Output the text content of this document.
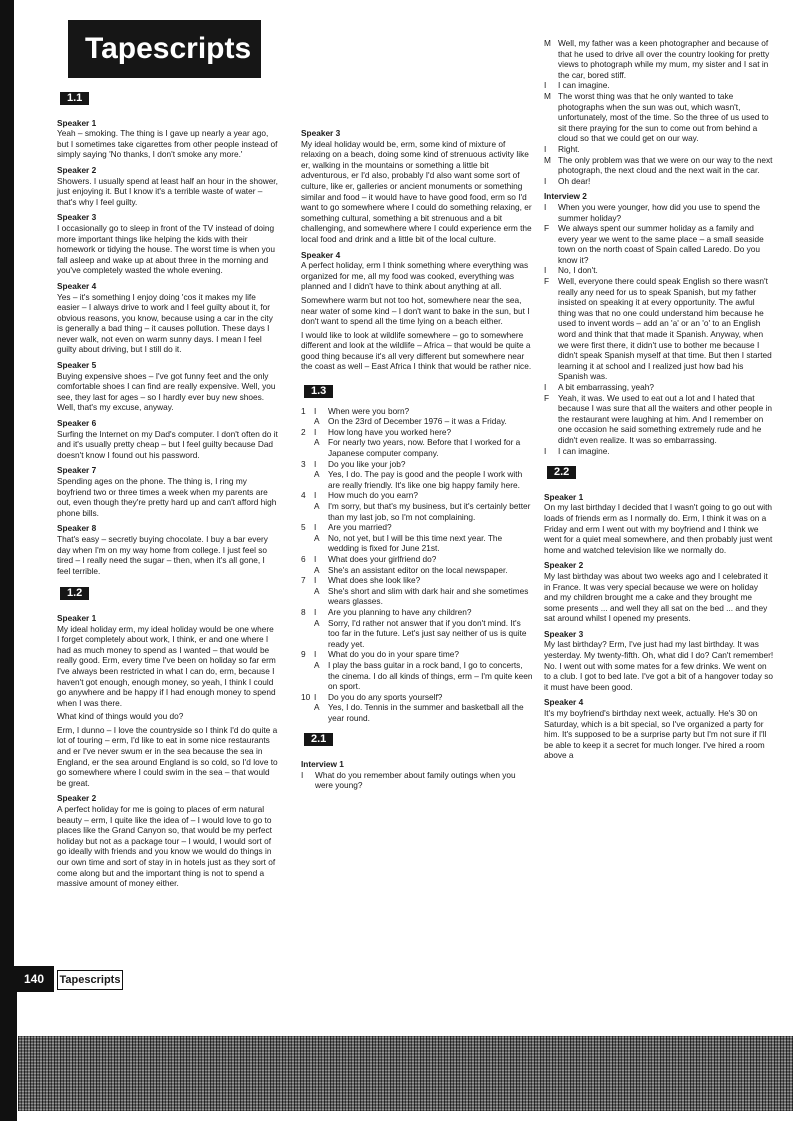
Tapescripts
1.1
Speaker 1

Yeah – smoking. The thing is I gave up nearly a year ago, but I sometimes take cigarettes from other people instead of simply saying 'No thanks, I don't smoke any more.'

Speaker 2

Showers. I usually spend at least half an hour in the shower, just enjoying it. But I know it's a terrible waste of water – that's why I feel guilty.

Speaker 3

I occasionally go to sleep in front of the TV instead of doing more important things like helping the kids with their homework or tidying the house. The worst time is when you fall asleep and wake up at about three in the morning and you've completely wasted the whole evening.

Speaker 4

Yes – it's something I enjoy doing 'cos it makes my life easier – I always drive to work and I feel guilty about it, for obvious reasons, you know, because using a car in the city is generally a bad thing – it causes pollution. These days I never walk, not even on warm sunny days. I mean I feel guilty about driving, but I still do it.

Speaker 5

Buying expensive shoes – I've got funny feet and the only comfortable shoes I can find are really expensive. Well, you see, they last for ages – so I hardly ever buy new shoes. Well, that's my excuse, anyway.

Speaker 6

Surfing the Internet on my Dad's computer. I don't often do it and it's usually pretty cheap – but I feel guilty because Dad doesn't know I found out his password.

Speaker 7

Spending ages on the phone. The thing is, I ring my boyfriend two or three times a week when my parents are out, even though they're pretty hard up and can't afford high phone bills.

Speaker 8

That's easy – secretly buying chocolate. I buy a bar every day when I'm on my way home from college. I just feel so tired – I really need the sugar – then, when it's all gone, I feel terrible.

1.2
Speaker 1

My ideal holiday erm, my ideal holiday would be one where I forget completely about work, I think, er and one where I had as much money to spend as I wanted – that would be really good. Erm, every time I've been on holiday so far erm I've always been restricted in what I can do, erm, because I haven't got enough, enough money, so yeah, I think I could go anywhere and be happy if I had enough money to spend when I was there.

What kind of things would you do?

Erm, I dunno – I love the countryside so I think I'd do quite a lot of touring – erm, I'd like to eat in some nice restaurants and er I've never swum er in the sea because the sea in England, er the sea around England is so cold, so I'd love to go somewhere where I could swim in the sea – that would be great.

Speaker 2

A perfect holiday for me is going to places of erm natural beauty – erm, I quite like the idea of – I would love to go to places like the Grand Canyon so, that would be my perfect holiday but not as a package tour – I would, I would sort of go ideally with friends and you know we would do things in our own time and sort of stay in in hotels just as they sort of come along but and the important thing is not to spend a massive amount of money either.

Speaker 3

My ideal holiday would be, erm, some kind of mixture of relaxing on a beach, doing some kind of strenuous activity like er, walking in the mountains or something a little bit adventurous, er I'd also, probably I'd also want some sort of culture, like er, galleries or ancient monuments or something similar and food – it would have to have good food, erm so I'd want to go somewhere where I could do something relaxing, er something cultural, something a bit strenuous and a bit challenging, and somewhere where I could experience erm the local food and drink and a little bit of the local culture.

Speaker 4

A perfect holiday, erm I think something where everything was organized for me, all my food was cooked, everything was planned and I didn't have to think about anything at all.

Somewhere warm but not too hot, somewhere near the sea, near water of some kind – I don't want to bake in the sun, but I don't want to spend all the time lying on a beach either.

I would like to look at wildlife somewhere – go to somewhere different and look at the wildlife – Africa – that would be quite a good thing because it's all very different but somewhere near the coast as well – East Africa I think that would be rather nice.

1.3
1	I	When were you born?
A	On the 23rd of December 1976 – it was a Friday.
2	I	How long have you worked here?
A	For nearly two years, now. Before that I worked for a Japanese computer company.
3	I	Do you like your job?
A	Yes, I do. The pay is good and the people I work with are really friendly. It's like one big happy family here.
4	I	How much do you earn?
A	I'm sorry, but that's my business, but it's certainly better than my last job, so I'm not complaining.
5	I	Are you married?
A	No, not yet, but I will be this time next year. The wedding is fixed for June 21st.
6	I	What does your girlfriend do?
A	She's an assistant editor on the local newspaper.
7	I	What does she look like?
A	She's short and slim with dark hair and she sometimes wears glasses.
8	I	Are you planning to have any children?
A	Sorry, I'd rather not answer that if you don't mind. It's too far in the future. Let's just say neither of us is quite ready yet.
9	I	What do you do in your spare time?
A	I play the bass guitar in a rock band, I go to concerts, the cinema. I do all kinds of things, erm – I'm quite keen on sport.
10 I	Do you do any sports yourself?
A	Yes, I do. Tennis in the summer and basketball all the year round.
2.1
Interview 1
I	What do you remember about family outings when you were young?
M Well, my father was a keen photographer and because of that he used to drive all over the country looking for pretty views to photograph while my mum, my sister and I sat in the car, bored stiff.
I	I can imagine.
M The worst thing was that he only wanted to take photographs when the sun was out, which wasn't, unfortunately, most of the time. So the three of us used to sit there praying for the sun to come out from behind a cloud so that we could get on our way.
I	Right.
M The only problem was that we were on our way to the next photograph, the next cloud and the next wait in the car.
I	Oh dear!
Interview 2
I	When you were younger, how did you use to spend the summer holiday?
F	We always spent our summer holiday as a family and every year we went to the same place – a small seaside town on the north coast of Spain called Laredo. Do you know it?
I	No, I don't.
F	Well, everyone there could speak English so there wasn't really any need for us to speak Spanish, but my father insisted on speaking it at every opportunity. The awful thing was that no one could understand him because he used to invent words – add an 'a' or an 'o' to an English word and think that that made it Spanish. Anyway, when we were first there, it didn't use to bother me because I didn't speak Spanish myself at that time. But then I started learning it at school and I realized just how bad his Spanish was.
I	A bit embarrassing, yeah?
F	Yeah, it was. We used to eat out a lot and I hated that because I was sure that all the waiters and other people in the restaurant were laughing at him. And I remember on one occasion he said something extremely rude and he didn't even realize. It was so embarrassing.
I	I can imagine.
2.2
Speaker 1

On my last birthday I decided that I wasn't going to go out with loads of friends erm as I normally do. Erm, I think it was on a Friday and erm I went out with my boyfriend and I think we went for a quiet meal somewhere, and then probably just went home and watched television like we normally do.

Speaker 2

My last birthday was about two weeks ago and I celebrated it in France. It was very special because we were on holiday and my children brought me a cake and they brought me some presents ... and well they all sat on the bed ... and they sat around whilst I opened my presents.

Speaker 3

My last birthday? Erm, I've just had my last birthday. It was yesterday. My twenty-fifth. Oh, what did I do? Can't remember! No. I went out with some mates for a few drinks. We went on to a club. I got to bed late. I've got a bit of a hangover today so it must have been good.

Speaker 4

It's my boyfriend's birthday next week, actually. He's 30 on Saturday, which is a bit special, so I've organized a party for him. It's supposed to be a surprise party but I'm not sure if I'll be able to keep it a secret for much longer. I've hired a room above a

140	Tapescripts
